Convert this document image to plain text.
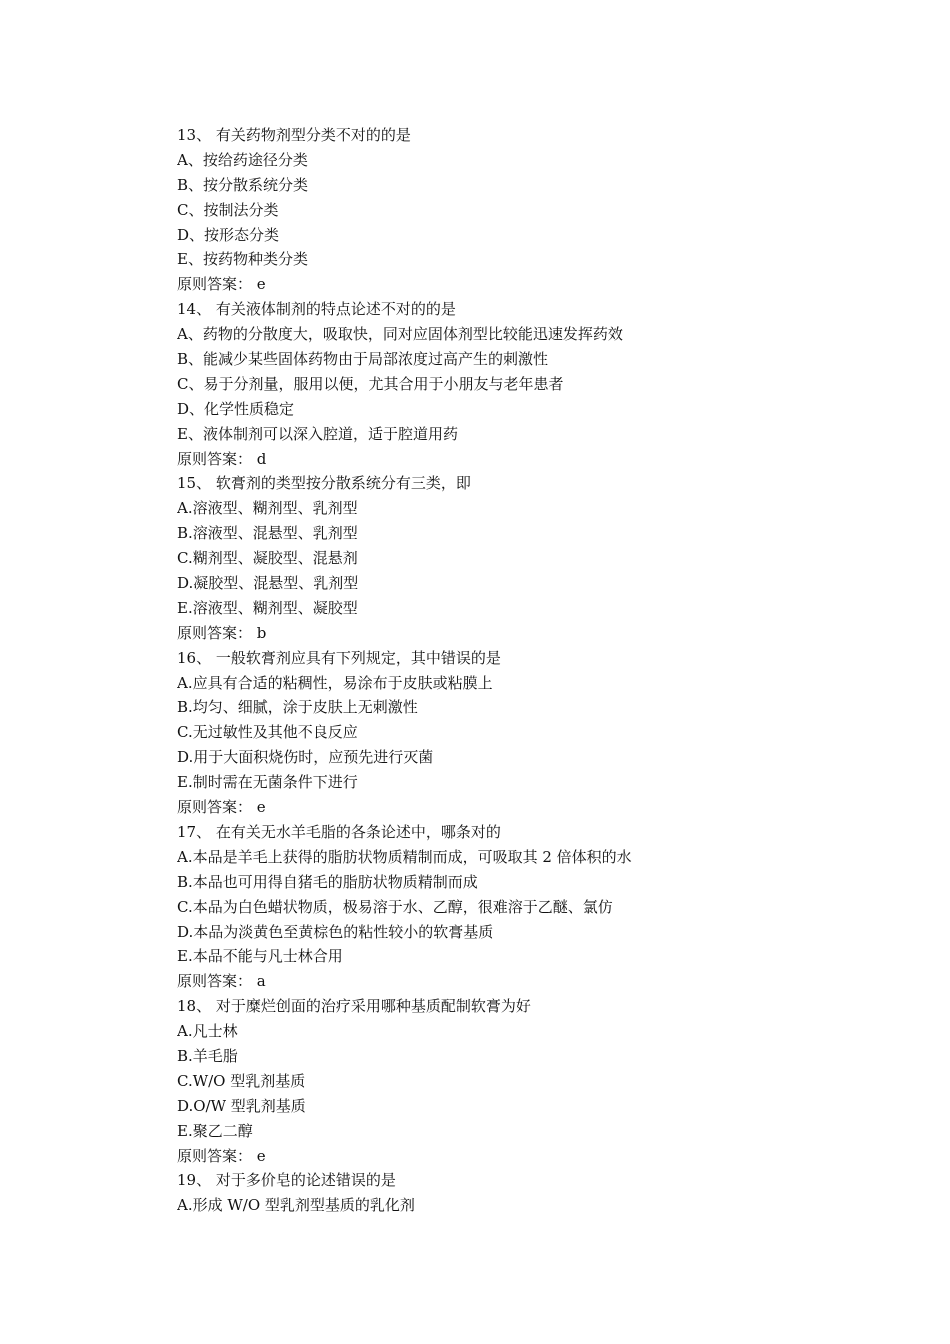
13、 有关药物剂型分类不对的的是
A、按给药途径分类
B、按分散系统分类
C、按制法分类
D、按形态分类
E、按药物种类分类
原则答案： e
14、 有关液体制剂的特点论述不对的的是
A、药物的分散度大，吸取快，同对应固体剂型比较能迅速发挥药效
B、能减少某些固体药物由于局部浓度过高产生的刺激性
C、易于分剂量，服用以便，尤其合用于小朋友与老年患者
D、化学性质稳定
E、液体制剂可以深入腔道，适于腔道用药
原则答案： d
15、 软膏剂的类型按分散系统分有三类，即
A.溶液型、糊剂型、乳剂型
B.溶液型、混悬型、乳剂型
C.糊剂型、凝胶型、混悬剂
D.凝胶型、混悬型、乳剂型
E.溶液型、糊剂型、凝胶型
原则答案： b
16、 一般软膏剂应具有下列规定，其中错误的是
A.应具有合适的粘稠性，易涂布于皮肤或粘膜上
B.均匀、细腻，涂于皮肤上无刺激性
C.无过敏性及其他不良反应
D.用于大面积烧伤时，应预先进行灭菌
E.制时需在无菌条件下进行
原则答案： e
17、 在有关无水羊毛脂的各条论述中，哪条对的
A.本品是羊毛上获得的脂肪状物质精制而成，可吸取其 2 倍体积的水
B.本品也可用得自猪毛的脂肪状物质精制而成
C.本品为白色蜡状物质，极易溶于水、乙醇，很难溶于乙醚、氯仿
D.本品为淡黄色至黄棕色的粘性较小的软膏基质
E.本品不能与凡士林合用
原则答案： a
18、 对于糜烂创面的治疗采用哪种基质配制软膏为好
A.凡士林
B.羊毛脂
C.W/O 型乳剂基质
D.O/W 型乳剂基质
E.聚乙二醇
原则答案： e
19、 对于多价皂的论述错误的是
A.形成 W/O 型乳剂型基质的乳化剂
